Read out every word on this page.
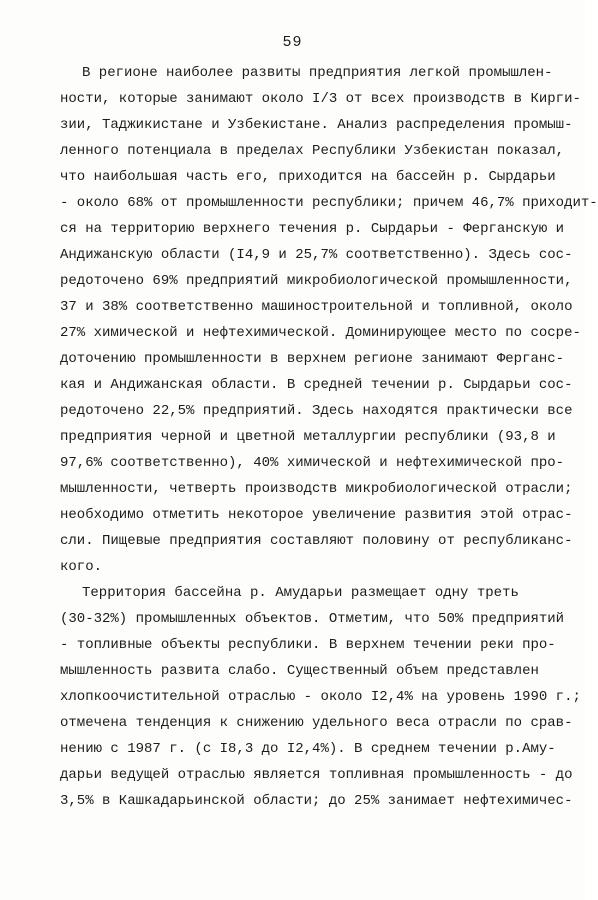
59
В регионе наиболее развиты предприятия легкой промышлен-
ности, которые занимают около I/3 от всех производств в Кирги-
зии, Таджикистане и Узбекистане. Анализ распределения промыш-
ленного потенциала в пределах Республики Узбекистан показал,
что наибольшая часть его, приходится на бассейн р. Сырдарьи
- около 68% от промышленности республики; причем 46,7% приходит-
ся на территорию верхнего течения р. Сырдарьи - Ферганскую и
Андижанскую области (I4,9 и 25,7% соответственно). Здесь сос-
редоточено 69% предприятий микробиологической промышленности,
37 и 38% соответственно машиностроительной и топливной, около
27% химической и нефтехимической. Доминирующее место по сосре-
доточению промышленности в верхнем регионе занимают Ферганс-
кая и Андижанская области. В средней течении р. Сырдарьи сос-
редоточено 22,5% предприятий. Здесь находятся практически все
предприятия черной и цветной металлургии республики (93,8 и
97,6% соответственно), 40% химической и нефтехимической про-
мышленности, четверть производств микробиологической отрасли;
необходимо отметить некоторое увеличение развития этой отрас-
сли. Пищевые предприятия составляют половину от республиканс-
кого.
Территория бассейна р. Амударьи размещает одну треть
(30-32%) промышленных объектов. Отметим, что 50% предприятий
- топливные объекты республики. В верхнем течении реки про-
мышленность развита слабо. Существенный объем представлен
хлопкоочистительной отраслью - около I2,4% на уровень 1990 г.;
отмечена тенденция к снижению удельного веса отрасли по срав-
нению с 1987 г. (с I8,3 до I2,4%). В среднем течении р.Аму-
дарьи ведущей отраслью является топливная промышленность - до
3,5% в Кашкадарьинской области; до 25% занимает нефтехимичес-
